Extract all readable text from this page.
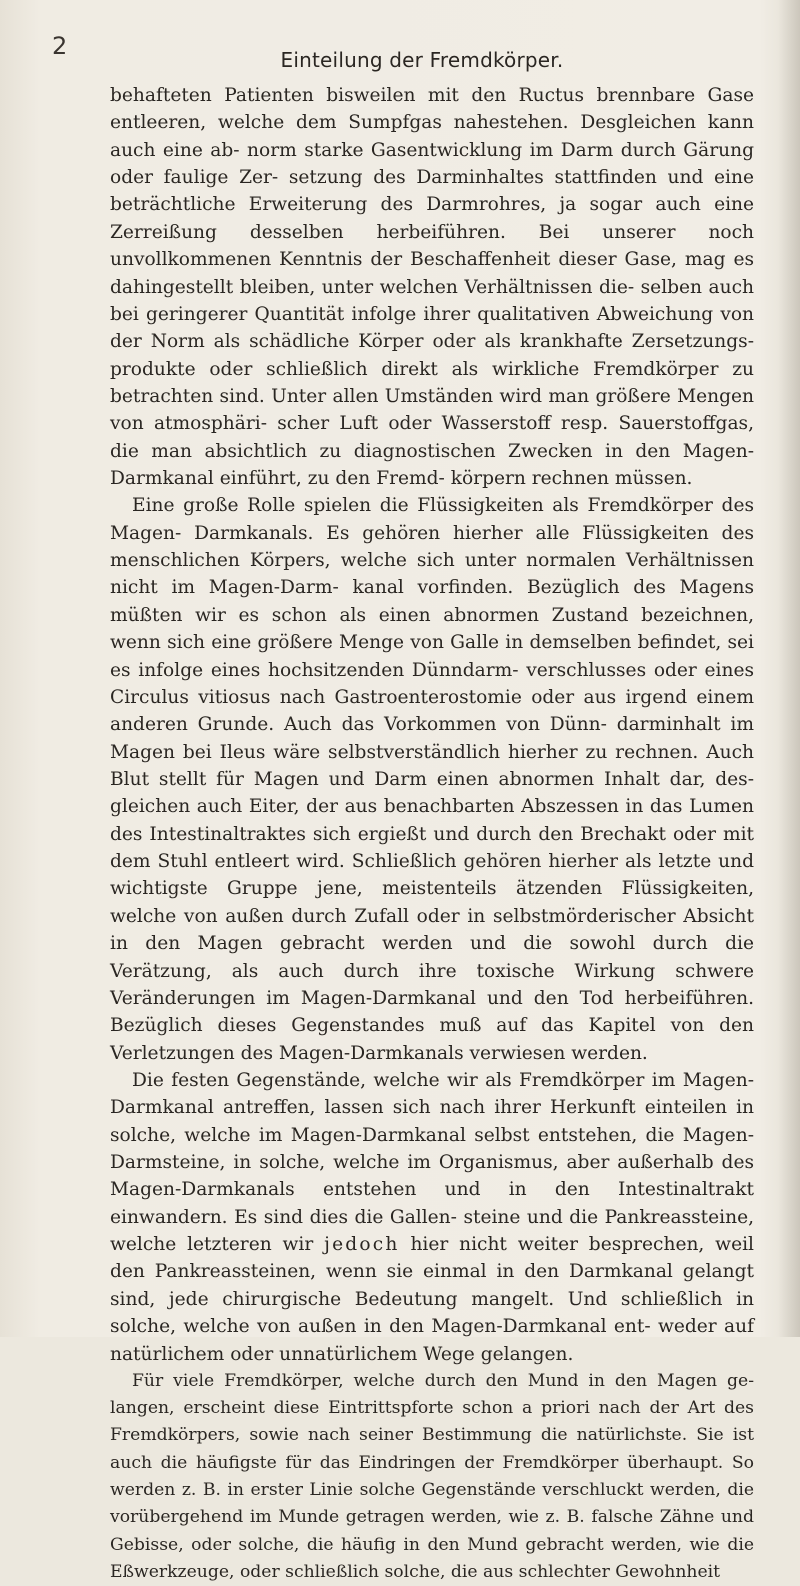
2	Einteilung der Fremdkörper.

behafteten Patienten bisweilen mit den Ructus brennbare Gase entleeren, welche dem Sumpfgas nahestehen. Desgleichen kann auch eine ab- norm starke Gasentwicklung im Darm durch Gärung oder faulige Zer- setzung des Darminhaltes stattfinden und eine beträchtliche Erweiterung des Darmrohres, ja sogar auch eine Zerreißung desselben herbeiführen. Bei unserer noch unvollkommenen Kenntnis der Beschaffenheit dieser Gase, mag es dahingestellt bleiben, unter welchen Verhältnissen die- selben auch bei geringerer Quantität infolge ihrer qualitativen Abweichung von der Norm als schädliche Körper oder als krankhafte Zersetzungs- produkte oder schließlich direkt als wirkliche Fremdkörper zu betrachten sind. Unter allen Umständen wird man größere Mengen von atmosphäri- scher Luft oder Wasserstoff resp. Sauerstoffgas, die man absichtlich zu diagnostischen Zwecken in den Magen-Darmkanal einführt, zu den Fremd- körpern rechnen müssen.

Eine große Rolle spielen die Flüssigkeiten als Fremdkörper des Magen- Darmkanals. Es gehören hierher alle Flüssigkeiten des menschlichen Körpers, welche sich unter normalen Verhältnissen nicht im Magen-Darm- kanal vorfinden. Bezüglich des Magens müßten wir es schon als einen abnormen Zustand bezeichnen, wenn sich eine größere Menge von Galle in demselben befindet, sei es infolge eines hochsitzenden Dünndarm- verschlusses oder eines Circulus vitiosus nach Gastroenterostomie oder aus irgend einem anderen Grunde. Auch das Vorkommen von Dünn- darminhalt im Magen bei Ileus wäre selbstverständlich hierher zu rechnen. Auch Blut stellt für Magen und Darm einen abnormen Inhalt dar, des- gleichen auch Eiter, der aus benachbarten Abszessen in das Lumen des Intestinaltraktes sich ergießt und durch den Brechakt oder mit dem Stuhl entleert wird. Schließlich gehören hierher als letzte und wichtigste Gruppe jene, meistenteils ätzenden Flüssigkeiten, welche von außen durch Zufall oder in selbstmörderischer Absicht in den Magen gebracht werden und die sowohl durch die Verätzung, als auch durch ihre toxische Wirkung schwere Veränderungen im Magen-Darmkanal und den Tod herbeiführen. Bezüglich dieses Gegenstandes muß auf das Kapitel von den Verletzungen des Magen-Darmkanals verwiesen werden.

Die festen Gegenstände, welche wir als Fremdkörper im Magen- Darmkanal antreffen, lassen sich nach ihrer Herkunft einteilen in solche, welche im Magen-Darmkanal selbst entstehen, die Magen-Darmsteine, in solche, welche im Organismus, aber außerhalb des Magen-Darmkanals entstehen und in den Intestinaltrakt einwandern. Es sind dies die Gallen- steine und die Pankreassteine, welche letzteren wir jedoch hier nicht weiter besprechen, weil den Pankreassteinen, wenn sie einmal in den Darmkanal gelangt sind, jede chirurgische Bedeutung mangelt. Und schließlich in solche, welche von außen in den Magen-Darmkanal ent- weder auf natürlichem oder unnatürlichem Wege gelangen.

Für viele Fremdkörper, welche durch den Mund in den Magen ge- langen, erscheint diese Eintrittspforte schon a priori nach der Art des Fremdkörpers, sowie nach seiner Bestimmung die natürlichste. Sie ist auch die häufigste für das Eindringen der Fremdkörper überhaupt. So werden z. B. in erster Linie solche Gegenstände verschluckt werden, die vorübergehend im Munde getragen werden, wie z. B. falsche Zähne und Gebisse, oder solche, die häufig in den Mund gebracht werden, wie die Eßwerkzeuge, oder schließlich solche, die aus schlechter Gewohnheit
